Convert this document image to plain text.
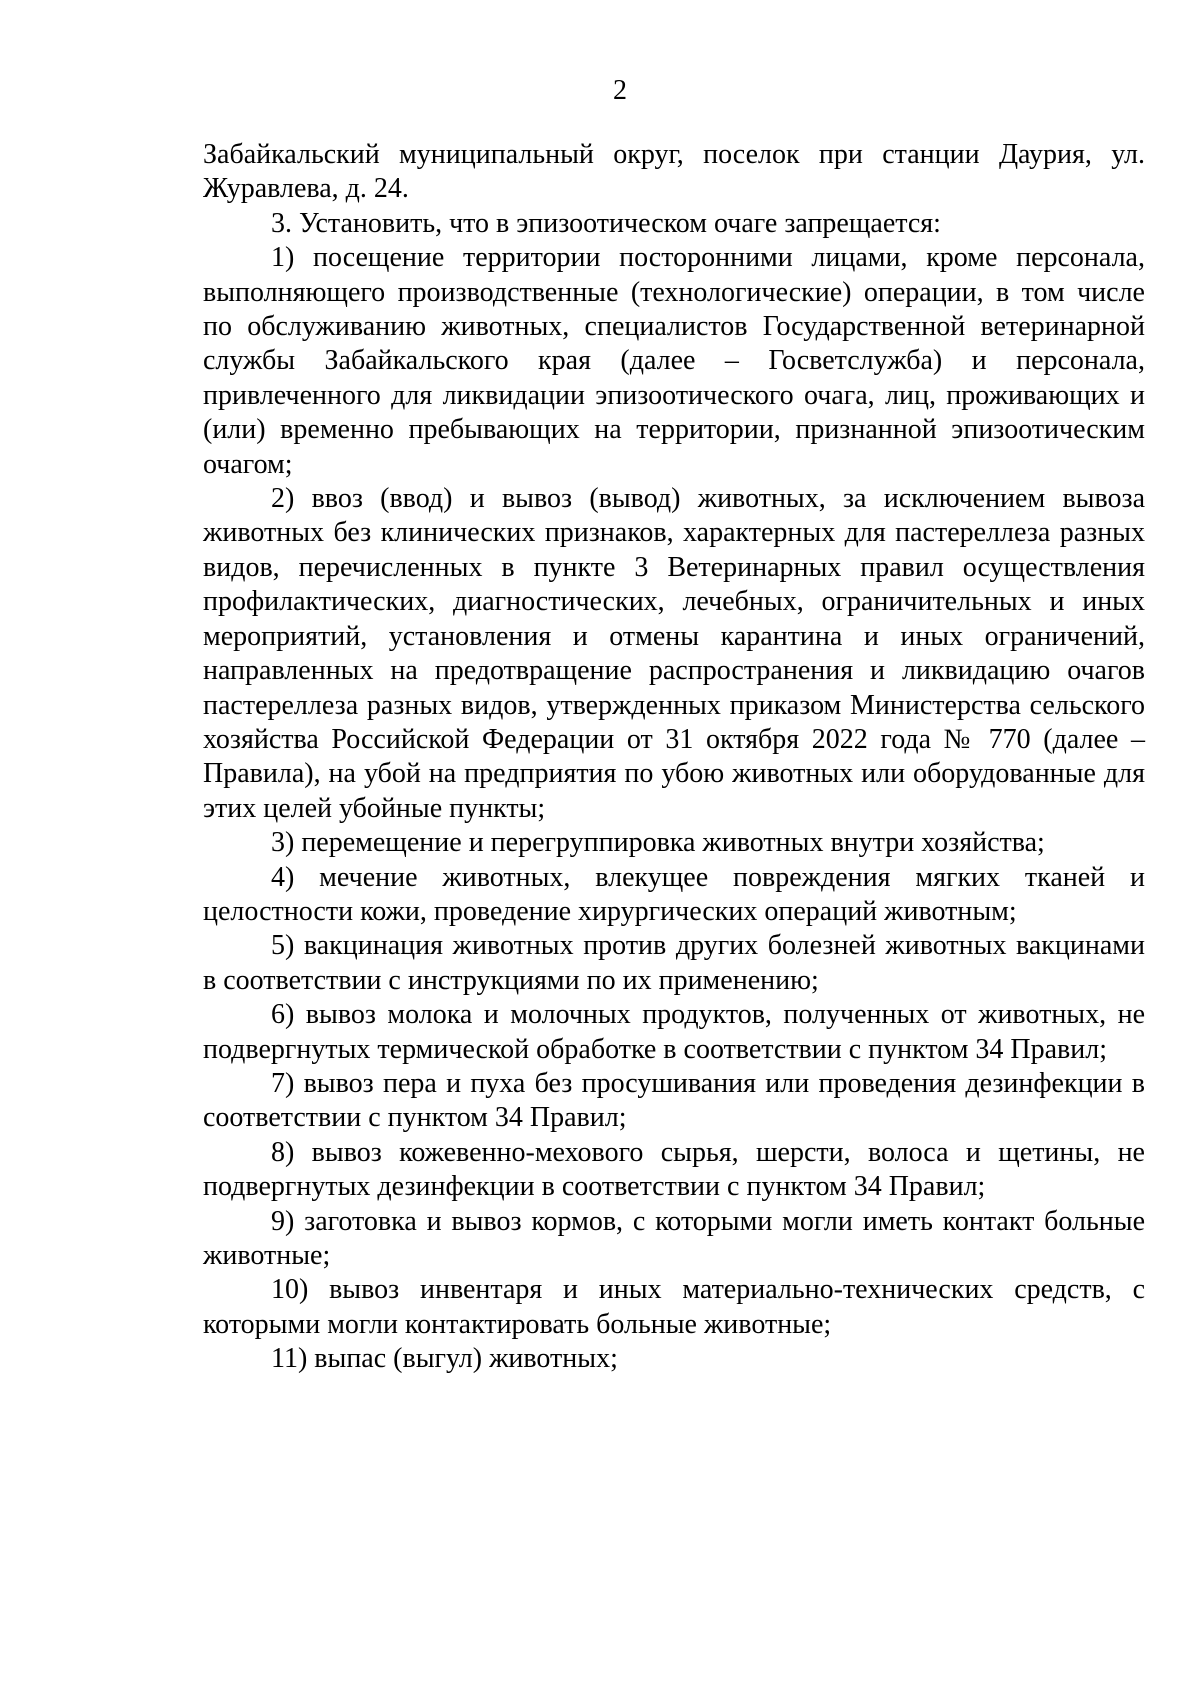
2

Забайкальский муниципальный округ, поселок при станции Даурия, ул. Журавлева, д. 24.

3. Установить, что в эпизоотическом очаге запрещается:

1) посещение территории посторонними лицами, кроме персонала, выполняющего производственные (технологические) операции, в том числе по обслуживанию животных, специалистов Государственной ветеринарной службы Забайкальского края (далее – Госветслужба) и персонала, привлеченного для ликвидации эпизоотического очага, лиц, проживающих и (или) временно пребывающих на территории, признанной эпизоотическим очагом;

2) ввоз (ввод) и вывоз (вывод) животных, за исключением вывоза животных без клинических признаков, характерных для пастереллеза разных видов, перечисленных в пункте 3 Ветеринарных правил осуществления профилактических, диагностических, лечебных, ограничительных и иных мероприятий, установления и отмены карантина и иных ограничений, направленных на предотвращение распространения и ликвидацию очагов пастереллеза разных видов, утвержденных приказом Министерства сельского хозяйства Российской Федерации от 31 октября 2022 года № 770 (далее – Правила), на убой на предприятия по убою животных или оборудованные для этих целей убойные пункты;

3) перемещение и перегруппировка животных внутри хозяйства;

4) мечение животных, влекущее повреждения мягких тканей и целостности кожи, проведение хирургических операций животным;

5) вакцинация животных против других болезней животных вакцинами в соответствии с инструкциями по их применению;

6) вывоз молока и молочных продуктов, полученных от животных, не подвергнутых термической обработке в соответствии с пунктом 34 Правил;

7) вывоз пера и пуха без просушивания или проведения дезинфекции в соответствии с пунктом 34 Правил;

8) вывоз кожевенно-мехового сырья, шерсти, волоса и щетины, не подвергнутых дезинфекции в соответствии с пунктом 34 Правил;

9) заготовка и вывоз кормов, с которыми могли иметь контакт больные животные;

10) вывоз инвентаря и иных материально-технических средств, с которыми могли контактировать больные животные;

11) выпас (выгул) животных;
